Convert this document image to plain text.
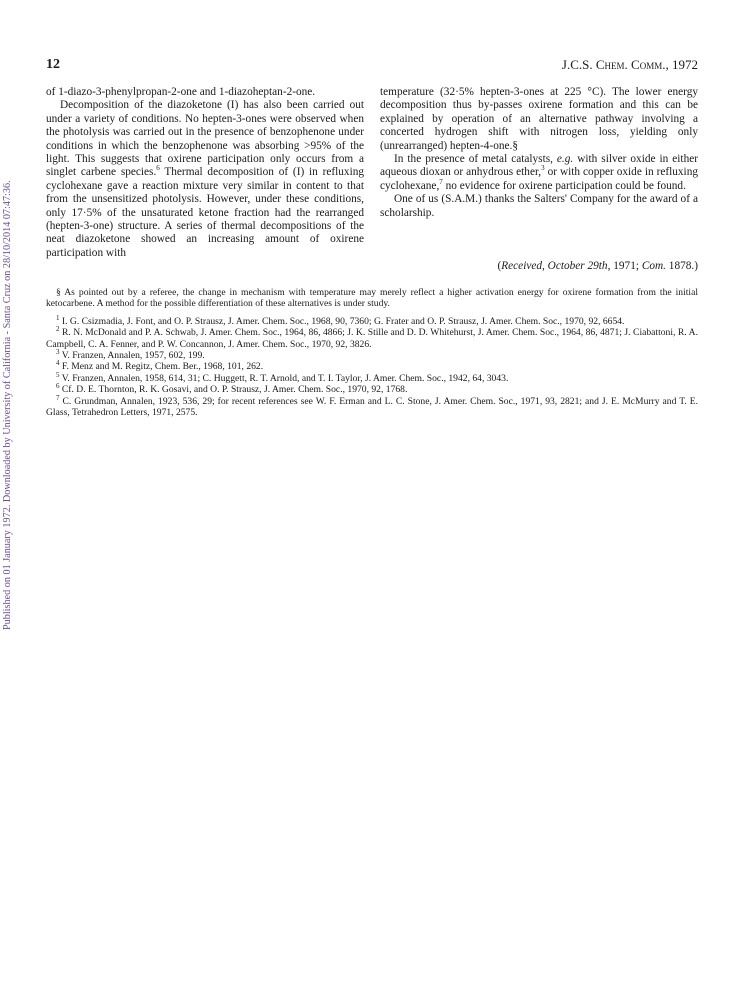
Published on 01 January 1972. Downloaded by University of California - Santa Cruz on 28/10/2014 07:47:36.
12	J.C.S. Chem. Comm., 1972

of 1-diazo-3-phenylpropan-2-one and 1-diazoheptan-2-one.

Decomposition of the diazoketone (I) has also been carried out under a variety of conditions. No hepten-3-ones were observed when the photolysis was carried out in the presence of benzophenone under conditions in which the benzophenone was absorbing >95% of the light. This suggests that oxirene participation only occurs from a singlet carbene species.$^6$ Thermal decomposition of (I) in refluxing cyclohexane gave a reaction mixture very similar in content to that from the unsensitized photolysis. However, under these conditions, only 17·5% of the unsaturated ketone fraction had the rearranged (hepten-3-one) structure. A series of thermal decompositions of the neat diazoketone showed an increasing amount of oxirene participation with

temperature (32·5% hepten-3-ones at 225 °C). The lower energy decomposition thus by-passes oxirene formation and this can be explained by operation of an alternative pathway involving a concerted hydrogen shift with nitrogen loss, yielding only (unrearranged) hepten-4-one.§

In the presence of metal catalysts, e.g. with silver oxide in either aqueous dioxan or anhydrous ether,$^3$ or with copper oxide in refluxing cyclohexane,$^7$ no evidence for oxirene participation could be found.

One of us (S.A.M.) thanks the Salters' Company for the award of a scholarship.

(Received, October 29th, 1971; Com. 1878.)

§ As pointed out by a referee, the change in mechanism with temperature may merely reflect a higher activation energy for oxirene formation from the initial ketocarbene. A method for the possible differentiation of these alternatives is under study.

$^1$ I. G. Csizmadia, J. Font, and O. P. Strausz, J. Amer. Chem. Soc., 1968, 90, 7360; G. Frater and O. P. Strausz, J. Amer. Chem. Soc., 1970, 92, 6654.

$^2$ R. N. McDonald and P. A. Schwab, J. Amer. Chem. Soc., 1964, 86, 4866; J. K. Stille and D. D. Whitehurst, J. Amer. Chem. Soc., 1964, 86, 4871; J. Ciabattoni, R. A. Campbell, C. A. Fenner, and P. W. Concannon, J. Amer. Chem. Soc., 1970, 92, 3826.

$^3$ V. Franzen, Annalen, 1957, 602, 199.

$^4$ F. Menz and M. Regitz, Chem. Ber., 1968, 101, 262.

$^5$ V. Franzen, Annalen, 1958, 614, 31; C. Huggett, R. T. Arnold, and T. I. Taylor, J. Amer. Chem. Soc., 1942, 64, 3043.

$^6$ Cf. D. E. Thornton, R. K. Gosavi, and O. P. Strausz, J. Amer. Chem. Soc., 1970, 92, 1768.

$^7$ C. Grundman, Annalen, 1923, 536, 29; for recent references see W. F. Erman and L. C. Stone, J. Amer. Chem. Soc., 1971, 93, 2821; and J. E. McMurry and T. E. Glass, Tetrahedron Letters, 1971, 2575.
